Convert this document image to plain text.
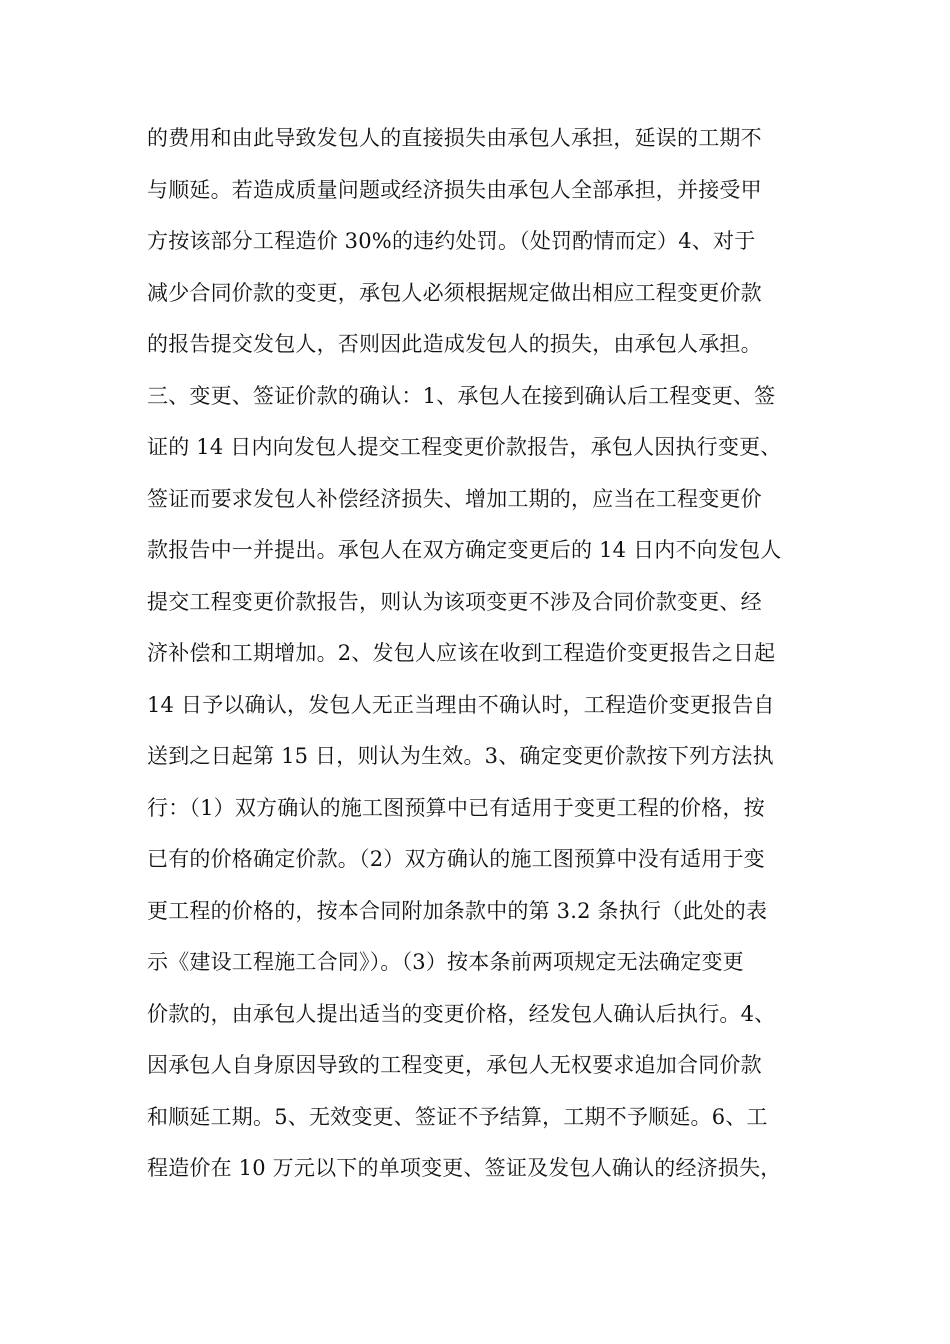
的费用和由此导致发包人的直接损失由承包人承担，延误的工期不
与顺延。若造成质量问题或经济损失由承包人全部承担，并接受甲
方按该部分工程造价 30%的违约处罚。（处罚酌情而定）4、对于
减少合同价款的变更，承包人必须根据规定做出相应工程变更价款
的报告提交发包人，否则因此造成发包人的损失，由承包人承担。
三、变更、签证价款的确认：1、承包人在接到确认后工程变更、签
证的 14 日内向发包人提交工程变更价款报告，承包人因执行变更、
签证而要求发包人补偿经济损失、增加工期的，应当在工程变更价
款报告中一并提出。承包人在双方确定变更后的 14 日内不向发包人
提交工程变更价款报告，则认为该项变更不涉及合同价款变更、经
济补偿和工期增加。2、发包人应该在收到工程造价变更报告之日起
14 日予以确认，发包人无正当理由不确认时，工程造价变更报告自
送到之日起第 15 日，则认为生效。3、确定变更价款按下列方法执
行：（1）双方确认的施工图预算中已有适用于变更工程的价格，按
已有的价格确定价款。（2）双方确认的施工图预算中没有适用于变
更工程的价格的，按本合同附加条款中的第 3.2 条执行（此处的表
示《建设工程施工合同》）。（3）按本条前两项规定无法确定变更
价款的，由承包人提出适当的变更价格，经发包人确认后执行。4、
因承包人自身原因导致的工程变更，承包人无权要求追加合同价款
和顺延工期。5、无效变更、签证不予结算，工期不予顺延。6、工
程造价在 10 万元以下的单项变更、签证及发包人确认的经济损失，
